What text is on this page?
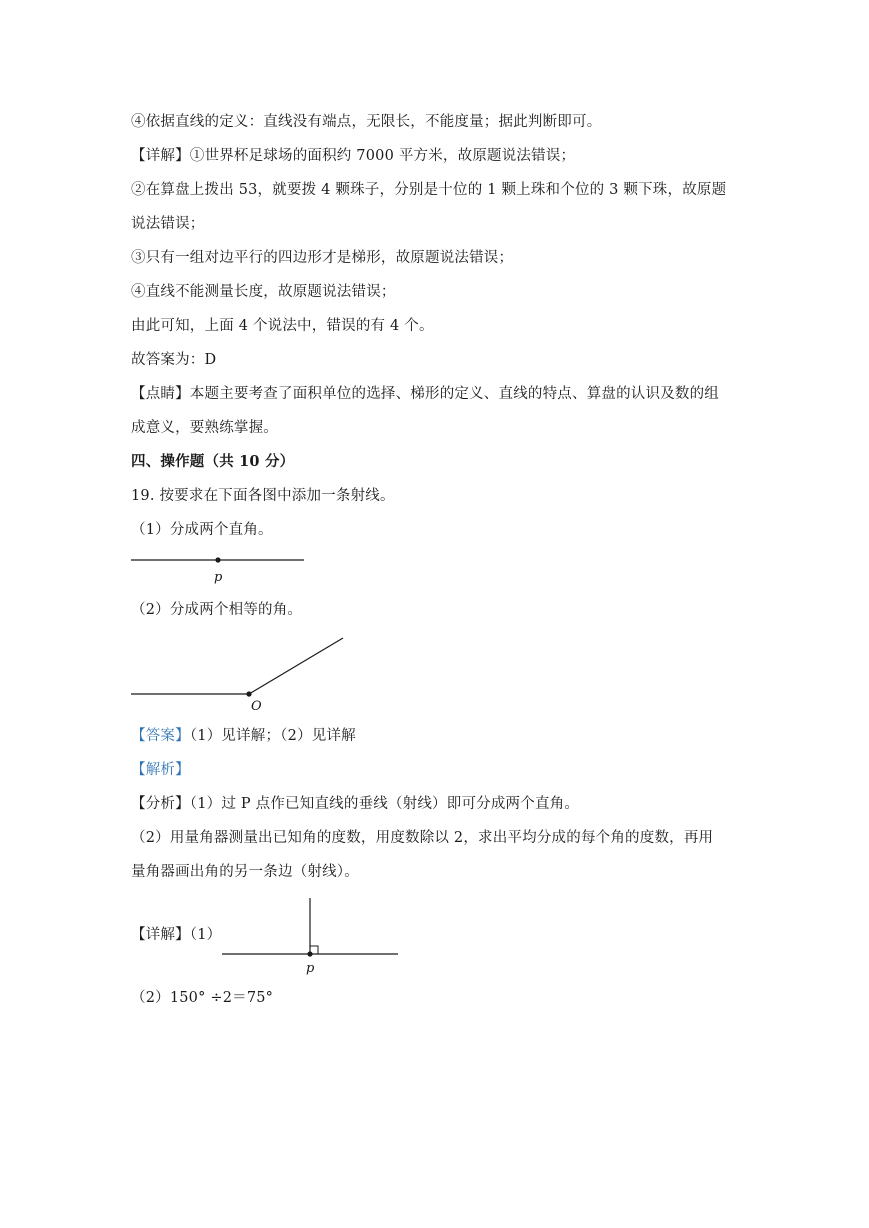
④依据直线的定义：直线没有端点，无限长，不能度量；据此判断即可。
【详解】①世界杯足球场的面积约 7000 平方米，故原题说法错误；
②在算盘上拨出 53，就要拨 4 颗珠子，分别是十位的 1 颗上珠和个位的 3 颗下珠，故原题
说法错误；
③只有一组对边平行的四边形才是梯形，故原题说法错误；
④直线不能测量长度，故原题说法错误；
由此可知，上面 4 个说法中，错误的有 4 个。
故答案为：D
【点睛】本题主要考查了面积单位的选择、梯形的定义、直线的特点、算盘的认识及数的组
成意义，要熟练掌握。
四、操作题（共 10 分）
19. 按要求在下面各图中添加一条射线。
（1）分成两个直角。
p
（2）分成两个相等的角。
O
【答案】（1）见详解；（2）见详解
【解析】
【分析】（1）过 P 点作已知直线的垂线（射线）即可分成两个直角。
（2）用量角器测量出已知角的度数，用度数除以 2，求出平均分成的每个角的度数，再用
量角器画出角的另一条边（射线）。
【详解】（1）
p
（2）150° ÷2＝75°
